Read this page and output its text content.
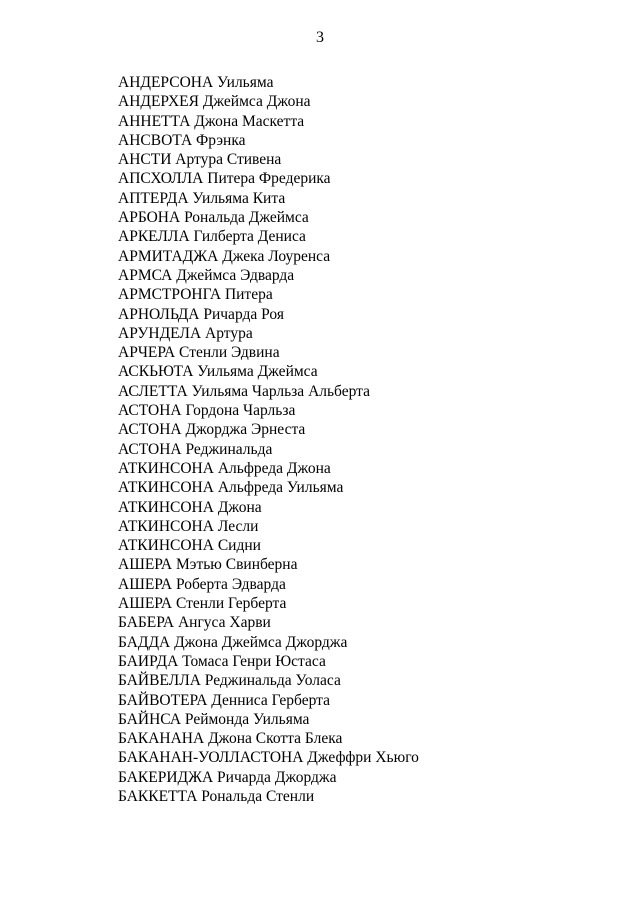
3
АНДЕРСОНА Уильяма
АНДЕРХЕЯ Джеймса Джона
АННЕТТА Джона Маскетта
АНСВОТА Фрэнка
АНСТИ Артура Стивена
АПСХОЛЛА Питера Фредерика
АПТЕРДА Уильяма Кита
АРБОНА Рональда Джеймса
АРКЕЛЛА Гилберта Дениса
АРМИТАДЖА Джека Лоуренса
АРМСА Джеймса Эдварда
АРМСТРОНГА Питера
АРНОЛЬДА Ричарда Роя
АРУНДЕЛА Артура
АРЧЕРА Стенли Эдвина
АСКЬЮТА Уильяма Джеймса
АСЛЕТТА Уильяма Чарльза Альберта
АСТОНА Гордона Чарльза
АСТОНА Джорджа Эрнеста
АСТОНА Реджинальда
АТКИНСОНА Альфреда Джона
АТКИНСОНА Альфреда Уильяма
АТКИНСОНА Джона
АТКИНСОНА Лесли
АТКИНСОНА Сидни
АШЕРА Мэтью Свинберна
АШЕРА Роберта Эдварда
АШЕРА Стенли Герберта
БАБЕРА Ангуса Харви
БАДДА Джона Джеймса Джорджа
БАИРДА Томаса Генри Юстаса
БАЙВЕЛЛА Реджинальда Уоласа
БАЙВОТЕРА Денниса Герберта
БАЙНСА Реймонда Уильяма
БАКАНАНА Джона Скотта Блека
БАКАНАН-УОЛЛАСТОНА Джеффри Хьюго
БАКЕРИДЖА Ричарда Джорджа
БАККЕТТА Рональда Стенли
